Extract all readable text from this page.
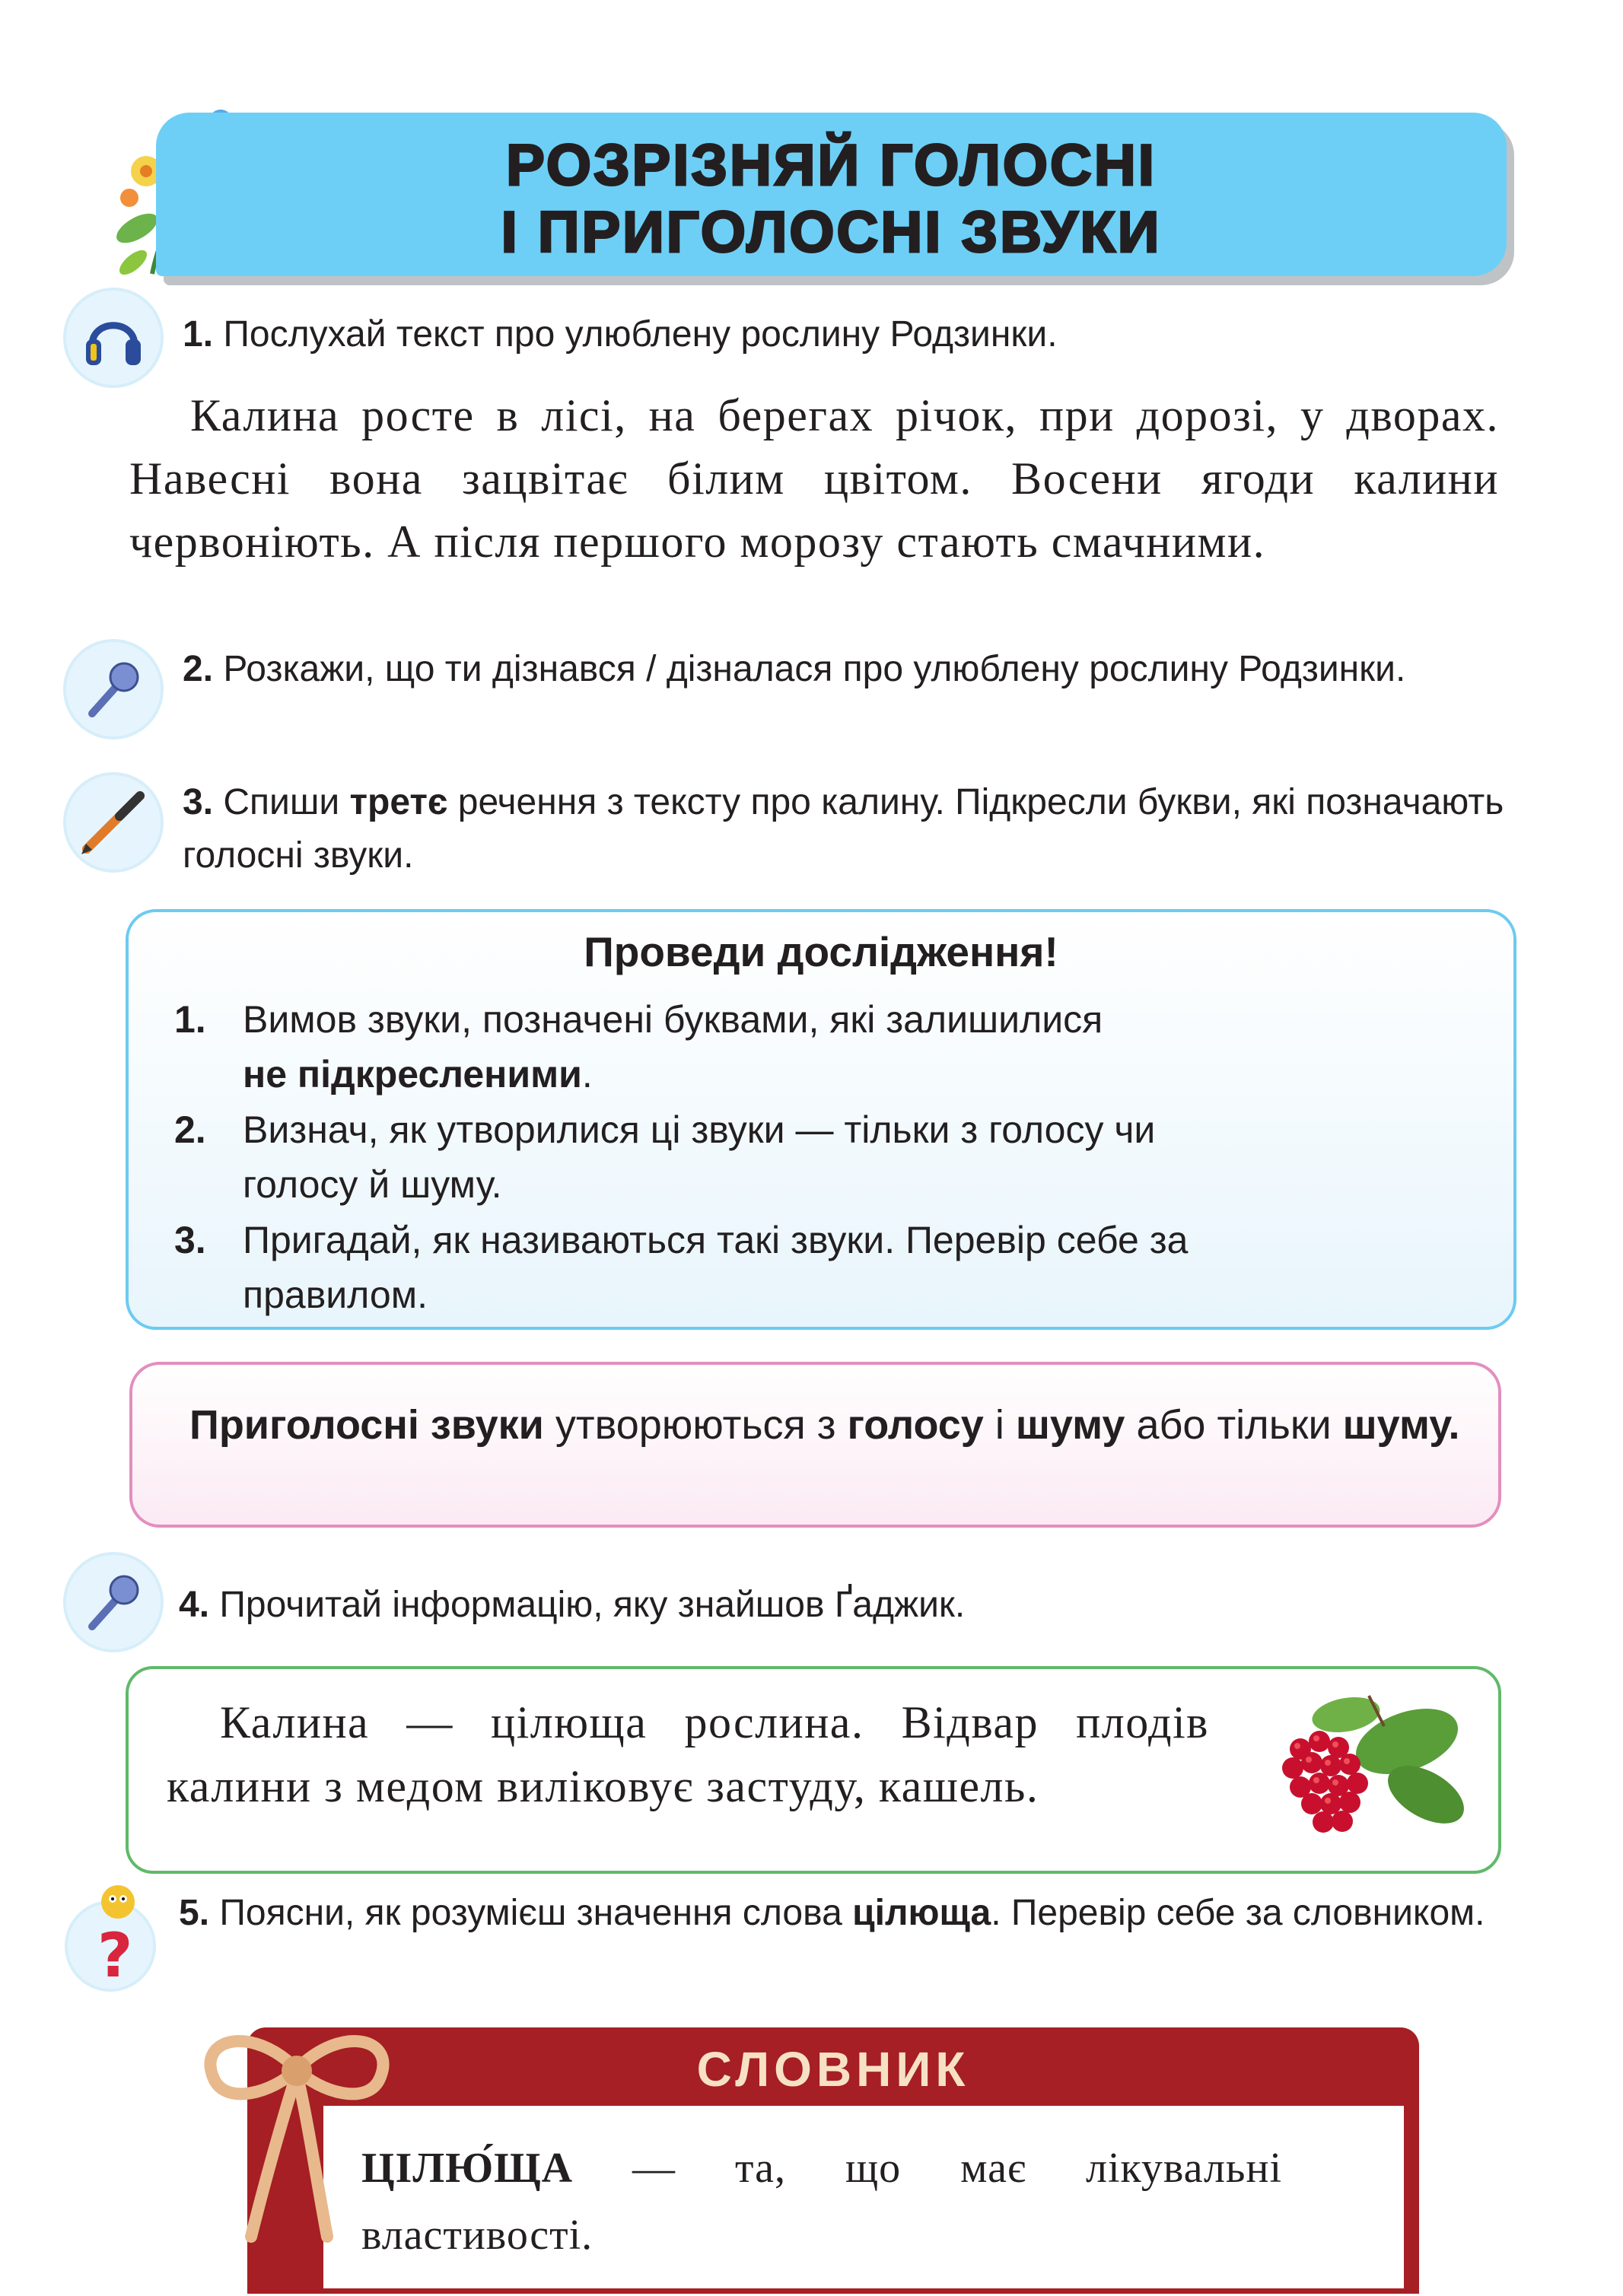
РОЗРІЗНЯЙ ГОЛОСНІ
І ПРИГОЛОСНІ ЗВУКИ
1. Послухай текст про улюблену рослину Родзинки.

Калина росте в лісі, на берегах річок, при дорозі, у дворах. Навесні вона зацвітає білим цвітом. Восени ягоди калини червоніють. А після першого морозу стають смачними.

2. Розкажи, що ти дізнався / дізналася про улюблену рослину Родзинки.
3. Спиши третє речення з тексту про калину. Підкресли букви, які позначають голосні звуки.
Проведи дослідження!
1. Вимов звуки, позначені буквами, які залишилися
не підкресленими.
2. Визнач, як утворилися ці звуки — тільки з голосу чи
голосу й шуму.
3. Пригадай, як називаються такі звуки. Перевір себе за
правилом.

Приголосні звуки утворюються з голосу і шуму або тільки шуму.

4. Прочитай інформацію, яку знайшов Ґаджик.

Калина — цілюща рослина. Відвар плодів калини з медом виліковує застуду, кашель.

?
5. Поясни, як розумієш значення слова цілюща. Перевір себе за словником.
СЛОВНИК

ЦІЛЮ́ЩА — та, що має лікувальні властивості.
